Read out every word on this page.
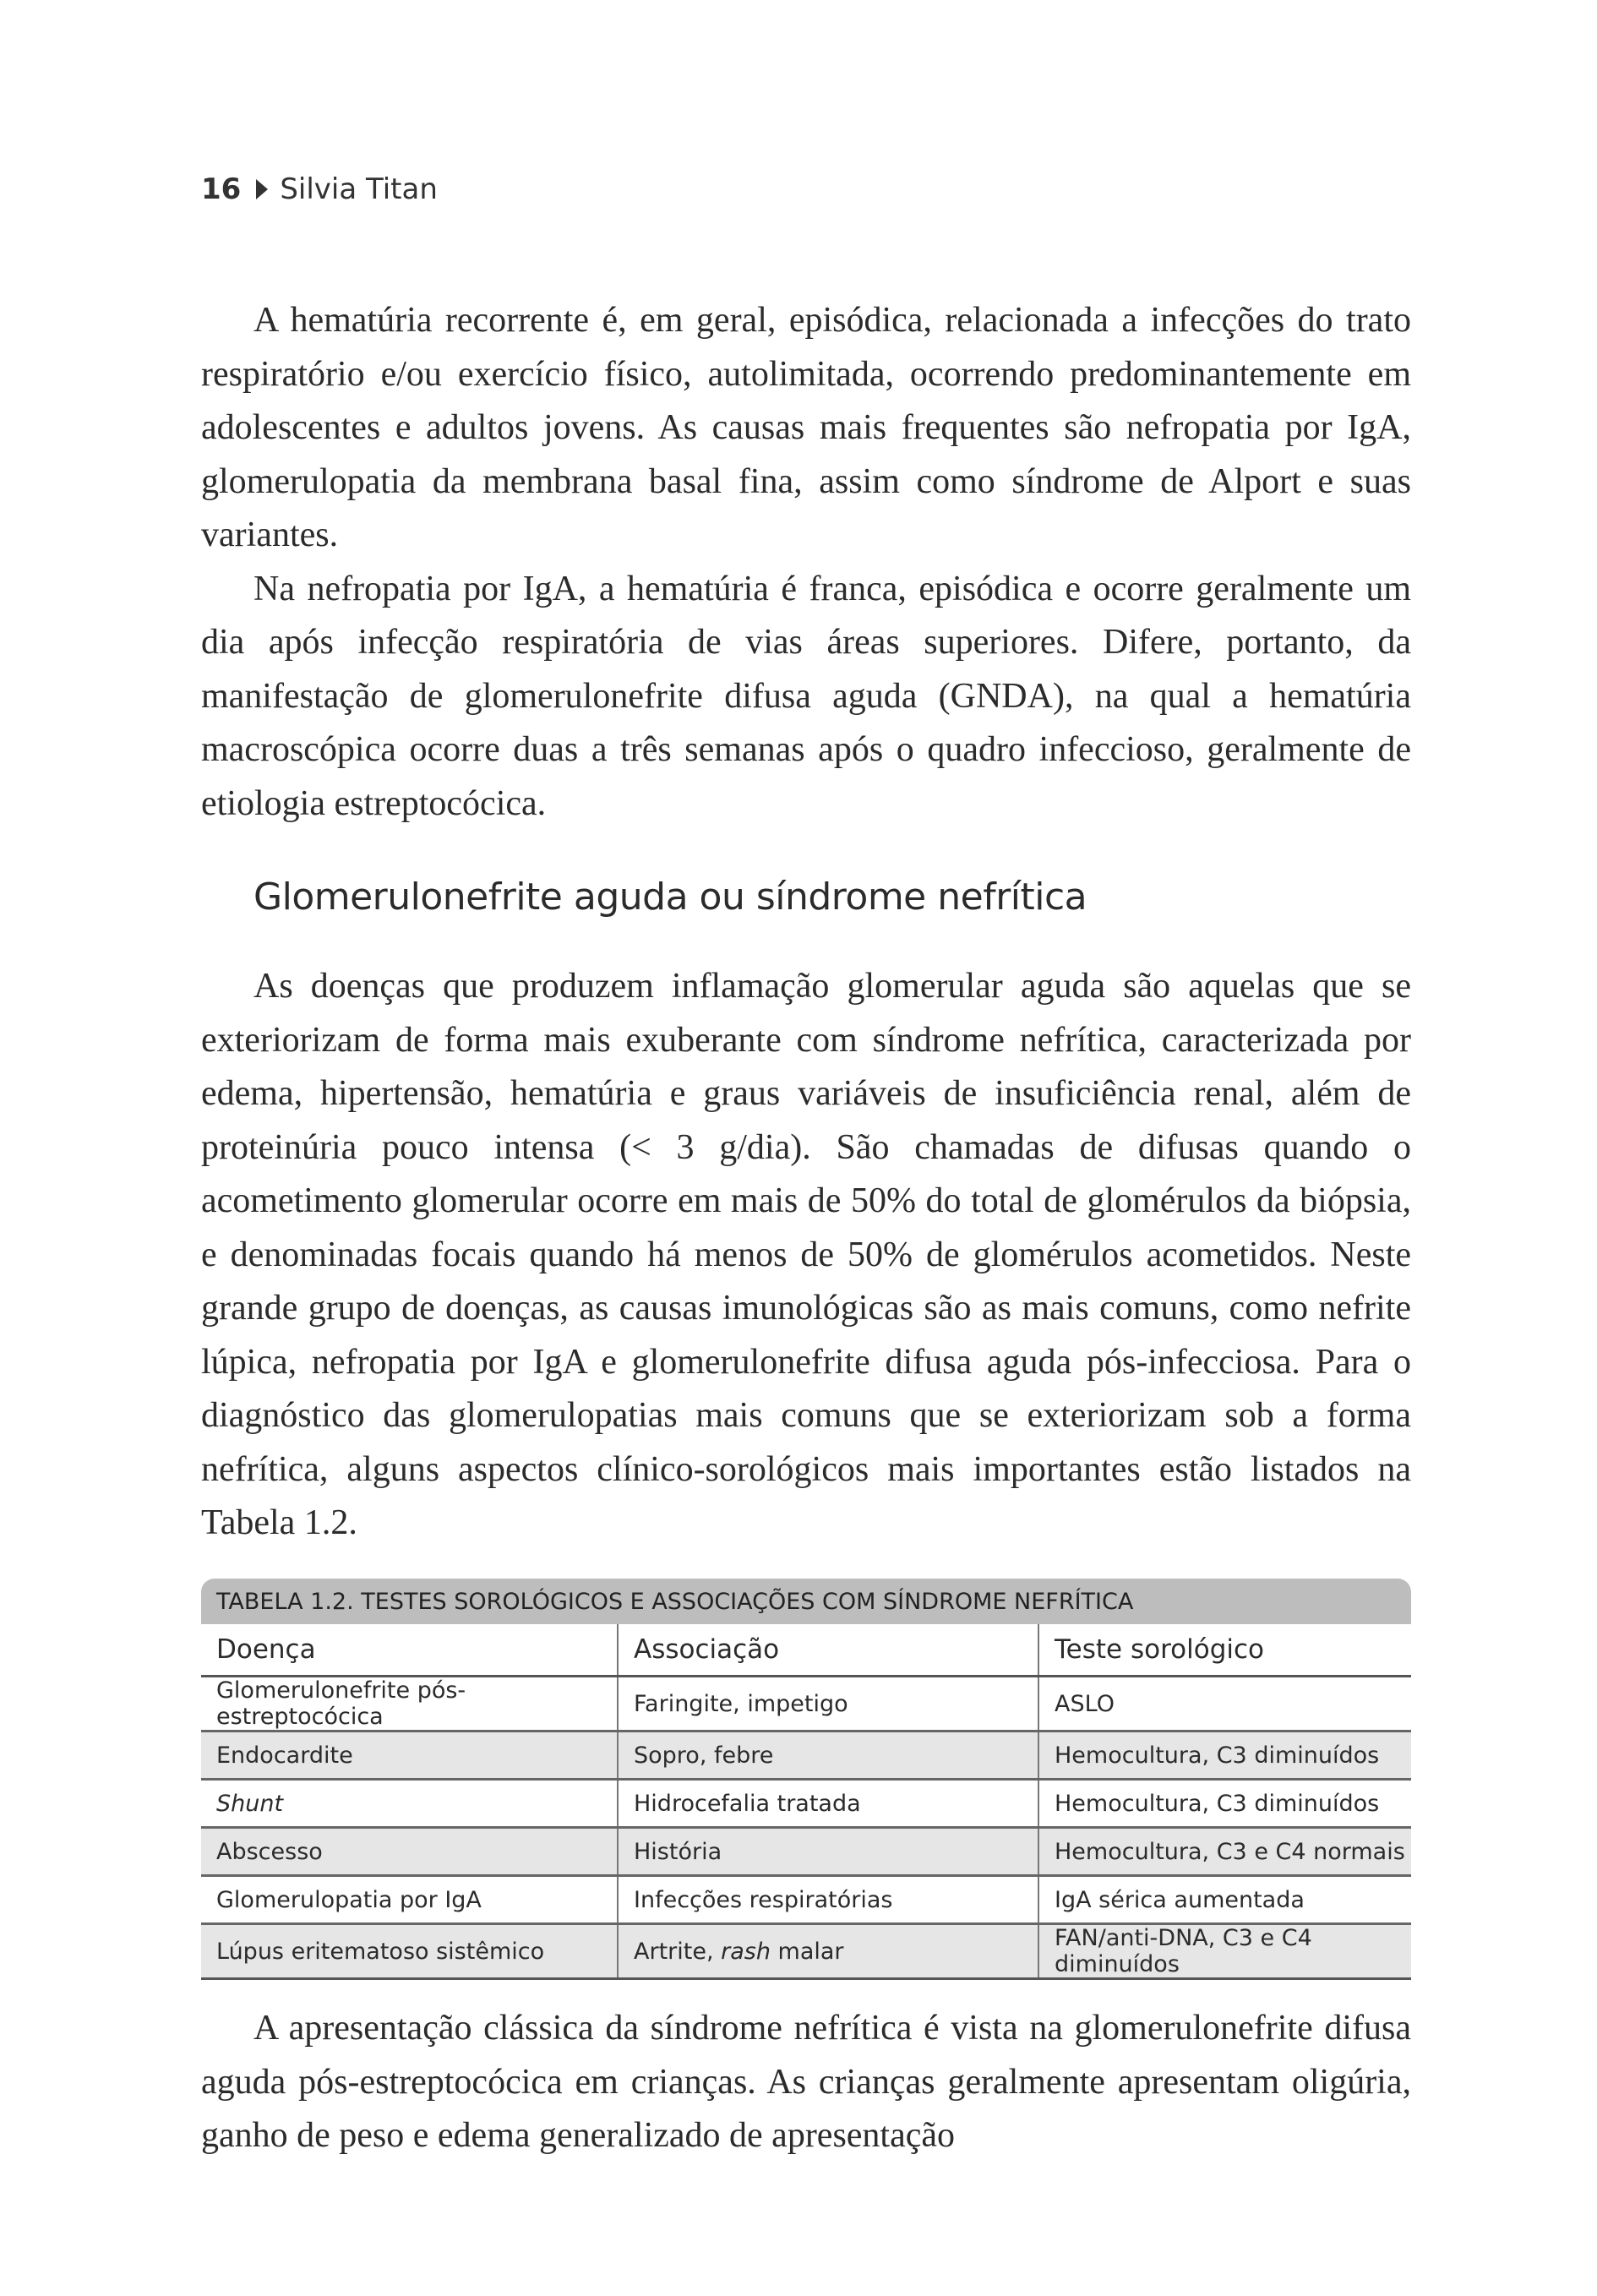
16 Silvia Titan

A hematúria recorrente é, em geral, episódica, relacionada a infecções do trato respiratório e/ou exercício físico, autolimitada, ocorrendo predominantemente em adolescentes e adultos jovens. As causas mais frequentes são nefropatia por IgA, glomerulopatia da membrana basal fina, assim como síndrome de Alport e suas variantes.

Na nefropatia por IgA, a hematúria é franca, episódica e ocorre geralmente um dia após infecção respiratória de vias áreas superiores. Difere, portanto, da manifestação de glomerulonefrite difusa aguda (GNDA), na qual a hematúria macroscópica ocorre duas a três semanas após o quadro infeccioso, geralmente de etiologia estreptocócica.

Glomerulonefrite aguda ou síndrome nefrítica

As doenças que produzem inflamação glomerular aguda são aquelas que se exteriorizam de forma mais exuberante com síndrome nefrítica, caracterizada por edema, hipertensão, hematúria e graus variáveis de insuficiência renal, além de proteinúria pouco intensa (< 3 g/dia). São chamadas de difusas quando o acometimento glomerular ocorre em mais de 50% do total de glomérulos da biópsia, e denominadas focais quando há menos de 50% de glomérulos acometidos. Neste grande grupo de doenças, as causas imunológicas são as mais comuns, como nefrite lúpica, nefropatia por IgA e glomerulonefrite difusa aguda pós-infecciosa. Para o diagnóstico das glomerulopatias mais comuns que se exteriorizam sob a forma nefrítica, alguns aspectos clínico-sorológicos mais importantes estão listados na Tabela 1.2.

TABELA 1.2. TESTES SOROLÓGICOS E ASSOCIAÇÕES COM SÍNDROME NEFRÍTICA
Doença	Associação	Teste sorológico
Glomerulonefrite pós-estreptocócica	Faringite, impetigo	ASLO
Endocardite	Sopro, febre	Hemocultura, C3 diminuídos
Shunt	Hidrocefalia tratada	Hemocultura, C3 diminuídos
Abscesso	História	Hemocultura, C3 e C4 normais
Glomerulopatia por IgA	Infecções respiratórias	IgA sérica aumentada
Lúpus eritematoso sistêmico	Artrite, rash malar	FAN/anti-DNA, C3 e C4 diminuídos

A apresentação clássica da síndrome nefrítica é vista na glomerulonefrite difusa aguda pós-estreptocócica em crianças. As crianças geralmente apresentam oligúria, ganho de peso e edema generalizado de apresentação
